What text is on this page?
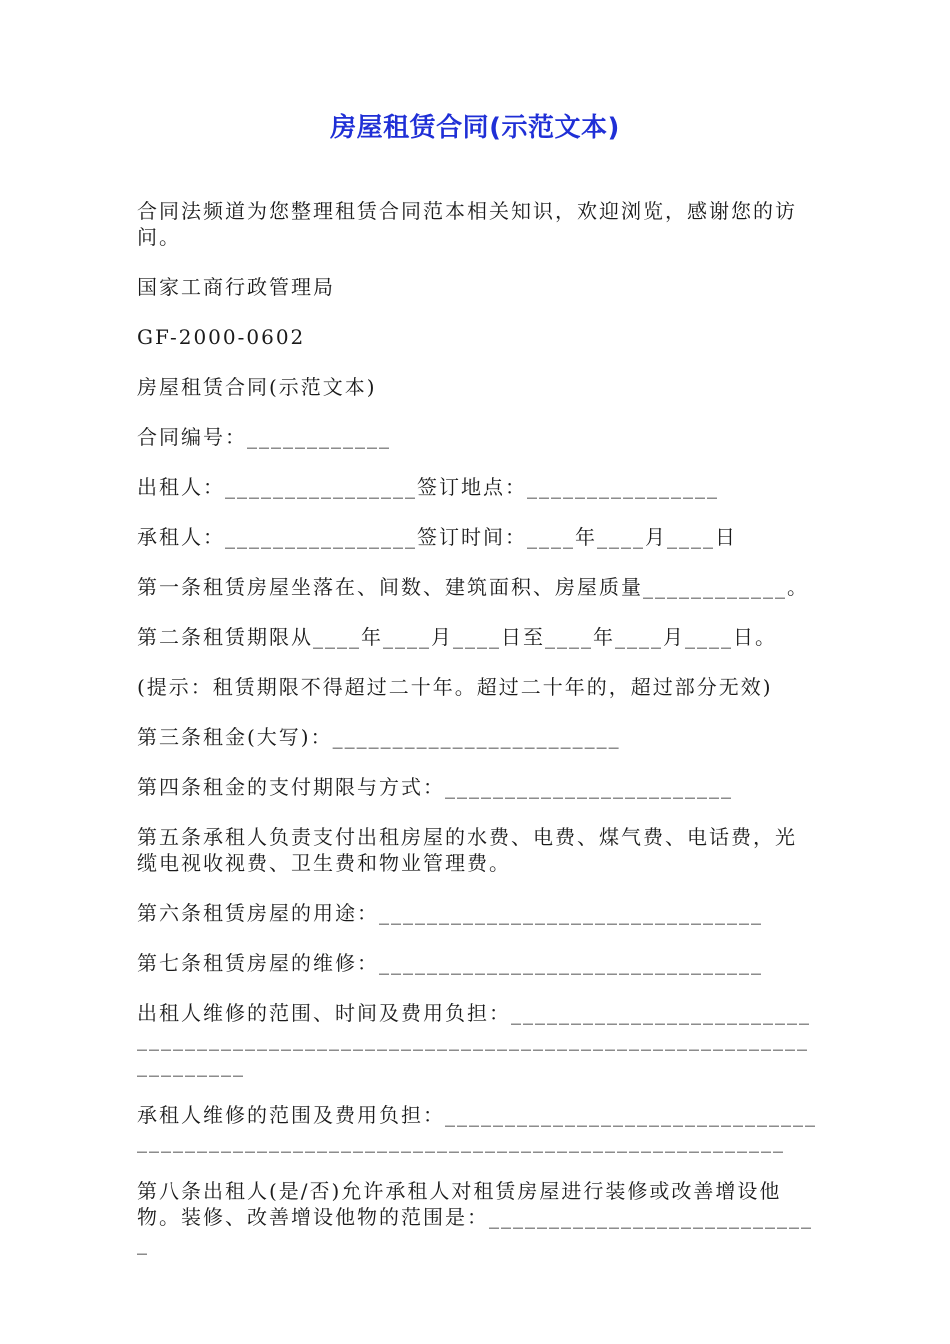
房屋租赁合同(示范文本)

合同法频道为您整理租赁合同范本相关知识，欢迎浏览，感谢您的访问。

国家工商行政管理局

GF-2000-0602

房屋租赁合同(示范文本)

合同编号：____________

出租人：________________签订地点：________________

承租人：________________签订时间：____年____月____日

第一条租赁房屋坐落在、间数、建筑面积、房屋质量____________。

第二条租赁期限从____年____月____日至____年____月____日。

(提示：租赁期限不得超过二十年。超过二十年的，超过部分无效)

第三条租金(大写)：________________________

第四条租金的支付期限与方式：________________________

第五条承租人负责支付出租房屋的水费、电费、煤气费、电话费，光缆电视收视费、卫生费和物业管理费。

第六条租赁房屋的用途：________________________________

第七条租赁房屋的维修：________________________________

出租人维修的范围、时间及费用负担：__________________________________________________________________________________________

承租人维修的范围及费用负担：_____________________________________________________________________________________

第八条出租人(是/否)允许承租人对租赁房屋进行装修或改善增设他物。装修、改善增设他物的范围是：____________________________
